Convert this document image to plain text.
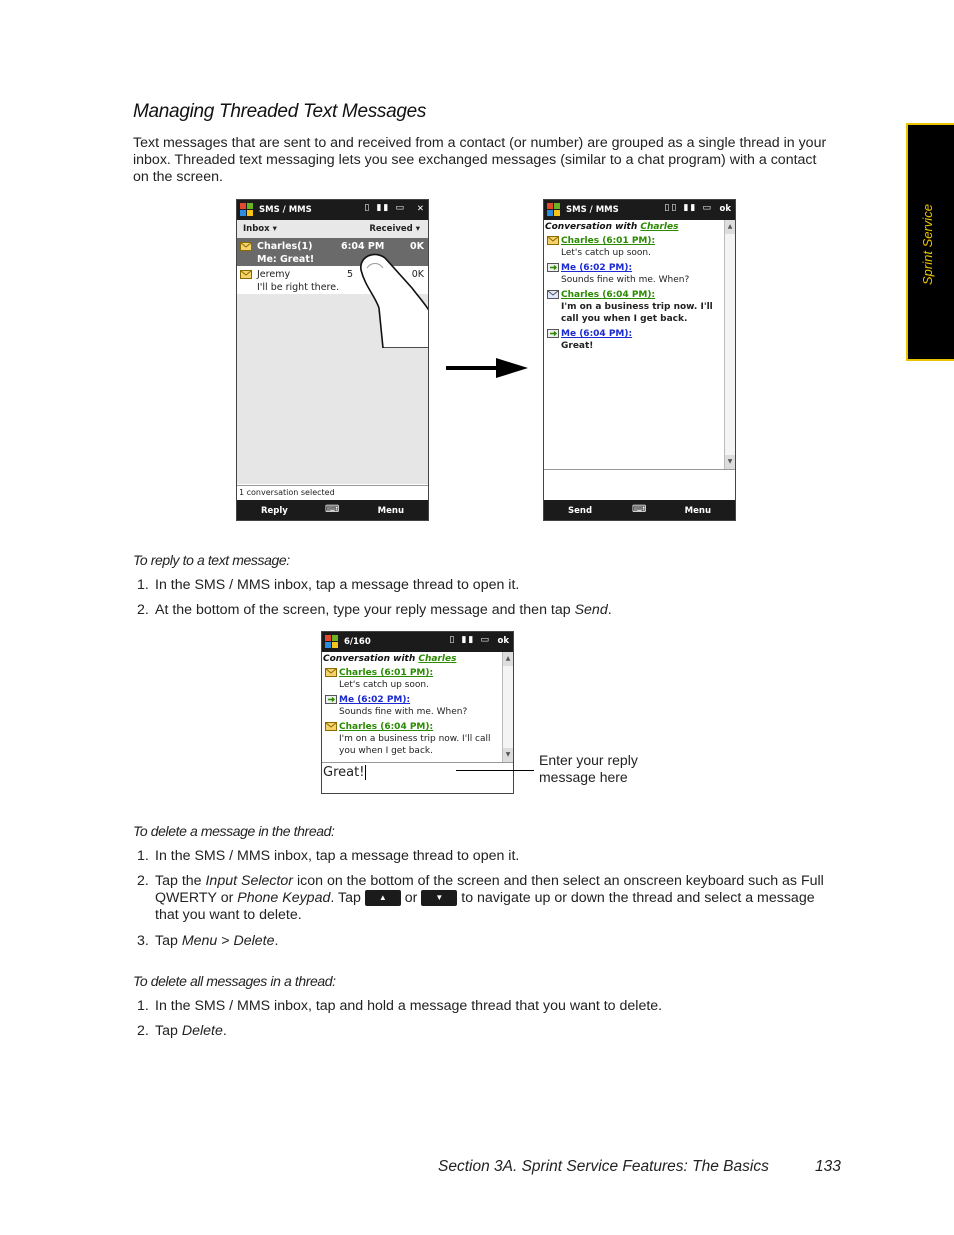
Managing Threaded Text Messages
Text messages that are sent to and received from a contact (or number) are grouped as a single thread in your inbox. Threaded text messaging lets you see exchanged messages (similar to a chat program) with a contact on the screen.
Sprint Service
SMS / MMS	▯ ▮▮ ▭ ✕
Inbox ▾	Received ▾
Charles(1)	6:04 PM	0K
Me: Great!
Jeremy	5	0K
I'll be right there.
1 conversation selected
Reply	⌨	Menu
SMS / MMS	▯▯ ▮▮ ▭ ok
Conversation with Charles
Charles (6:01 PM):
Let's catch up soon.
Me (6:02 PM):
Sounds fine with me. When?
Charles (6:04 PM):
I'm on a business trip now. I'll call you when I get back.
Me (6:04 PM):
Great!
▲
▼
Send	⌨	Menu
To reply to a text message:
1. In the SMS / MMS inbox, tap a message thread to open it.
2. At the bottom of the screen, type your reply message and then tap Send.
6/160	▯ ▮▮ ▭ ok
Conversation with Charles
Charles (6:01 PM):
Let's catch up soon.
Me (6:02 PM):
Sounds fine with me. When?
Charles (6:04 PM):
I'm on a business trip now. I'll call you when I get back.
▲
▼
Great!
Enter your reply message here
To delete a message in the thread:
1. In the SMS / MMS inbox, tap a message thread to open it.
2. Tap the Input Selector icon on the bottom of the screen and then select an onscreen keyboard such as Full QWERTY or Phone Keypad. Tap	▲ or	▼ to navigate up or down the thread and select a message that you want to delete.
3. Tap Menu > Delete.
To delete all messages in a thread:
1. In the SMS / MMS inbox, tap and hold a message thread that you want to delete.
2. Tap Delete.
Section 3A. Sprint Service Features: The Basics	133
